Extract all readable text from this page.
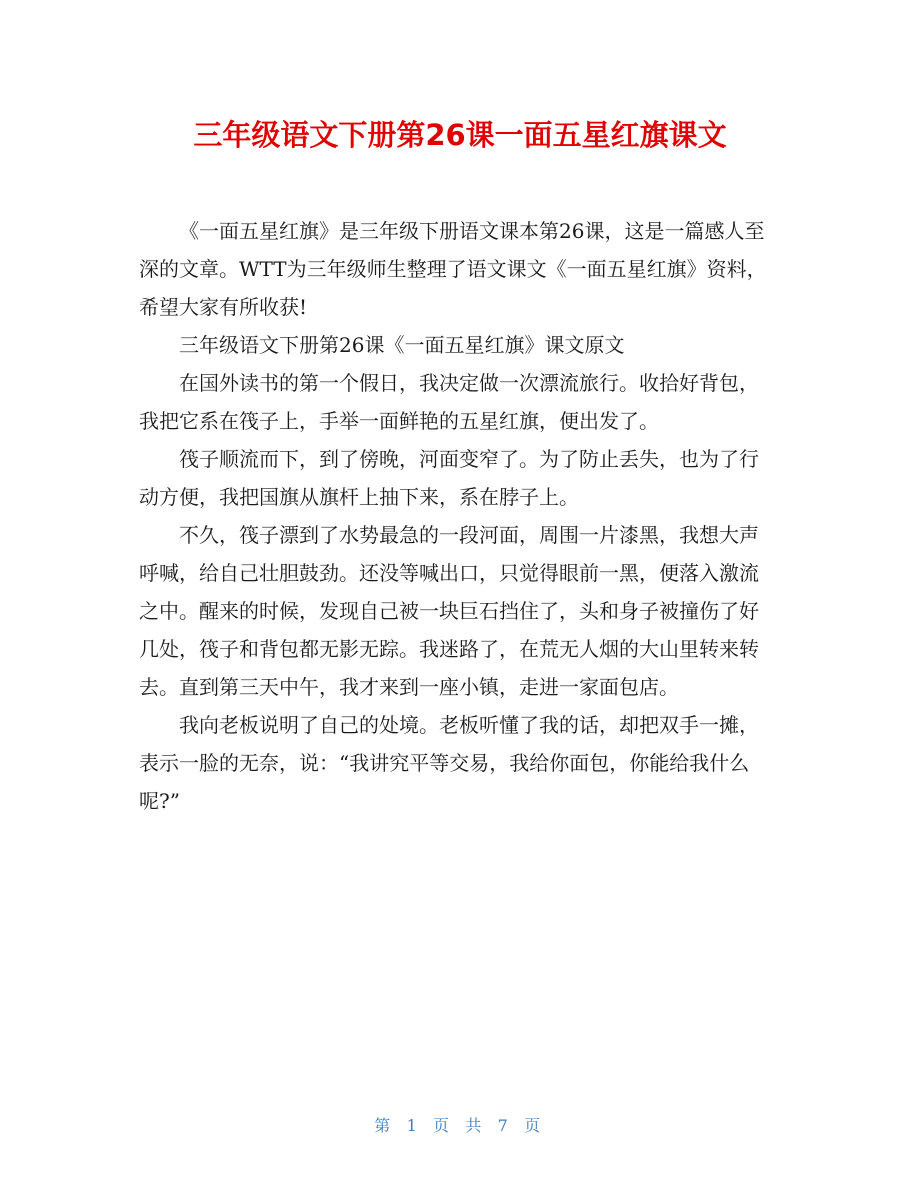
三年级语文下册第26课一面五星红旗课文

《一面五星红旗》是三年级下册语文课本第26课，这是一篇感人至深的文章。WTT为三年级师生整理了语文课文《一面五星红旗》资料，希望大家有所收获!

三年级语文下册第26课《一面五星红旗》课文原文

在国外读书的第一个假日，我决定做一次漂流旅行。收拾好背包，我把它系在筏子上，手举一面鲜艳的五星红旗，便出发了。

筏子顺流而下，到了傍晚，河面变窄了。为了防止丢失，也为了行动方便，我把国旗从旗杆上抽下来，系在脖子上。

不久，筏子漂到了水势最急的一段河面，周围一片漆黑，我想大声呼喊，给自己壮胆鼓劲。还没等喊出口，只觉得眼前一黑，便落入激流之中。醒来的时候，发现自己被一块巨石挡住了，头和身子被撞伤了好几处，筏子和背包都无影无踪。我迷路了，在荒无人烟的大山里转来转去。直到第三天中午，我才来到一座小镇，走进一家面包店。

我向老板说明了自己的处境。老板听懂了我的话，却把双手一摊，表示一脸的无奈，说：“我讲究平等交易，我给你面包，你能给我什么呢?”

第 1 页 共 7 页
